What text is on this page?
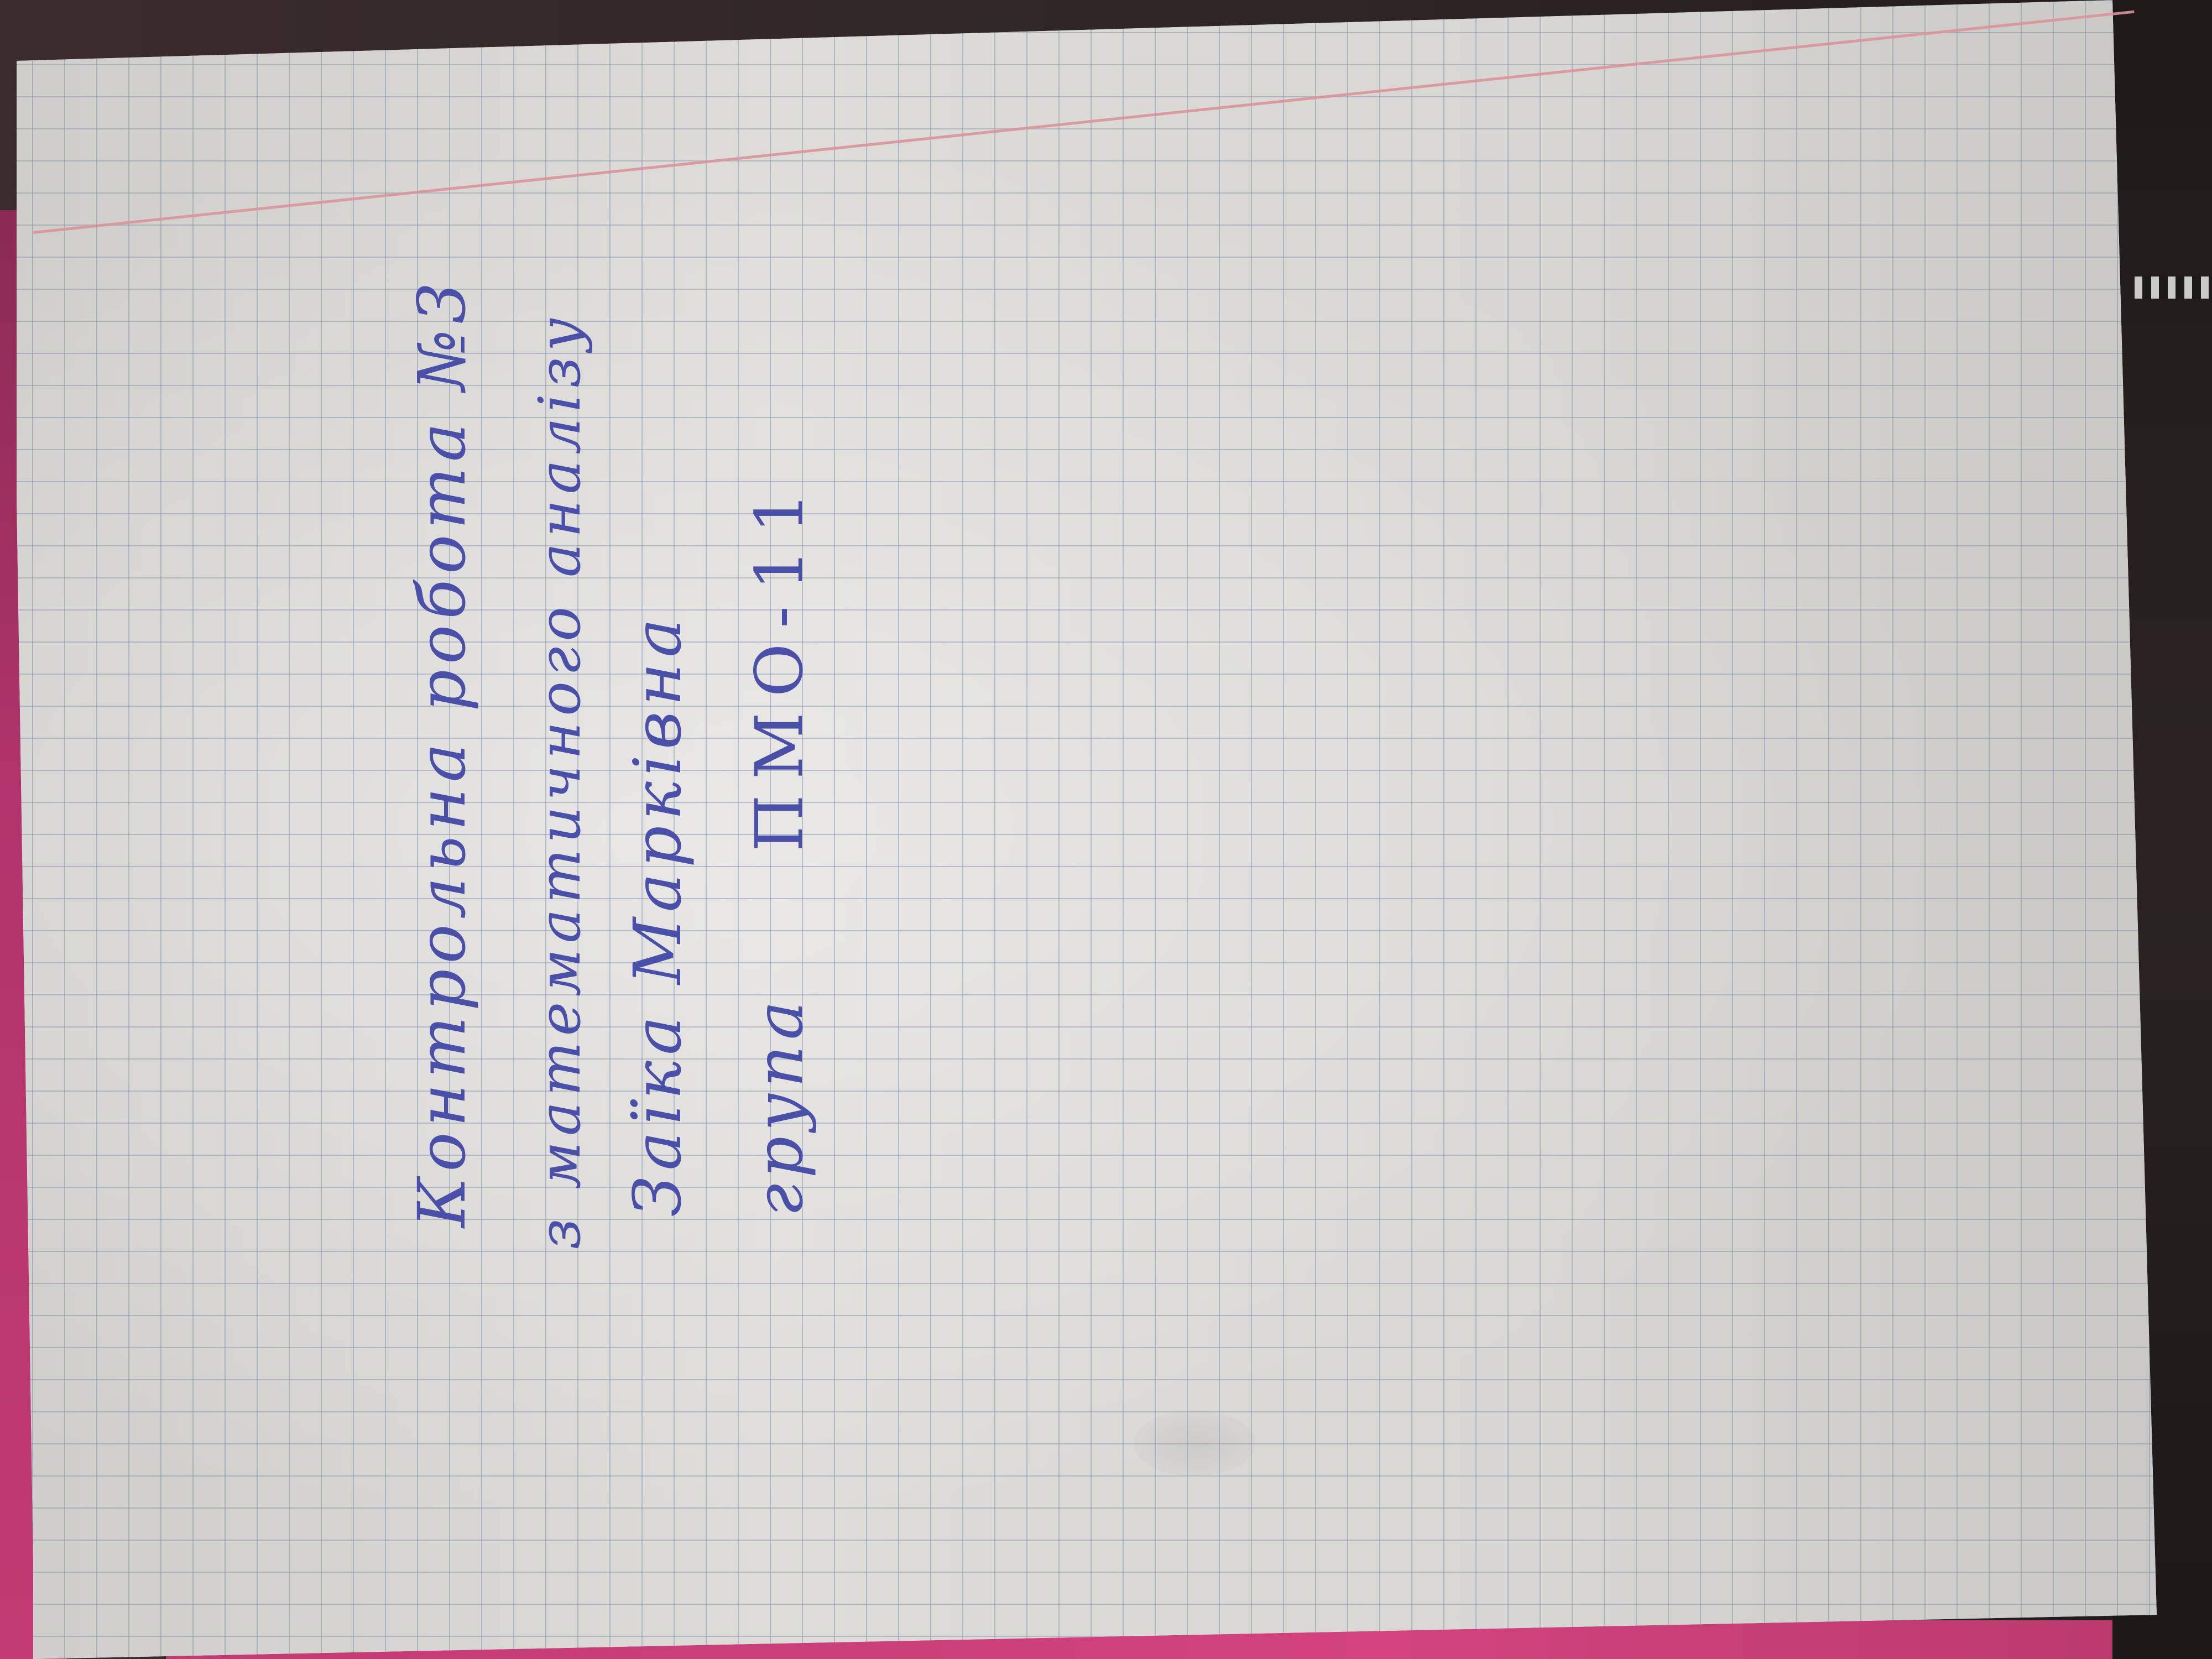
Контрольна робота №3 з математичного аналізу Заїка Марківна групаПМО-11
